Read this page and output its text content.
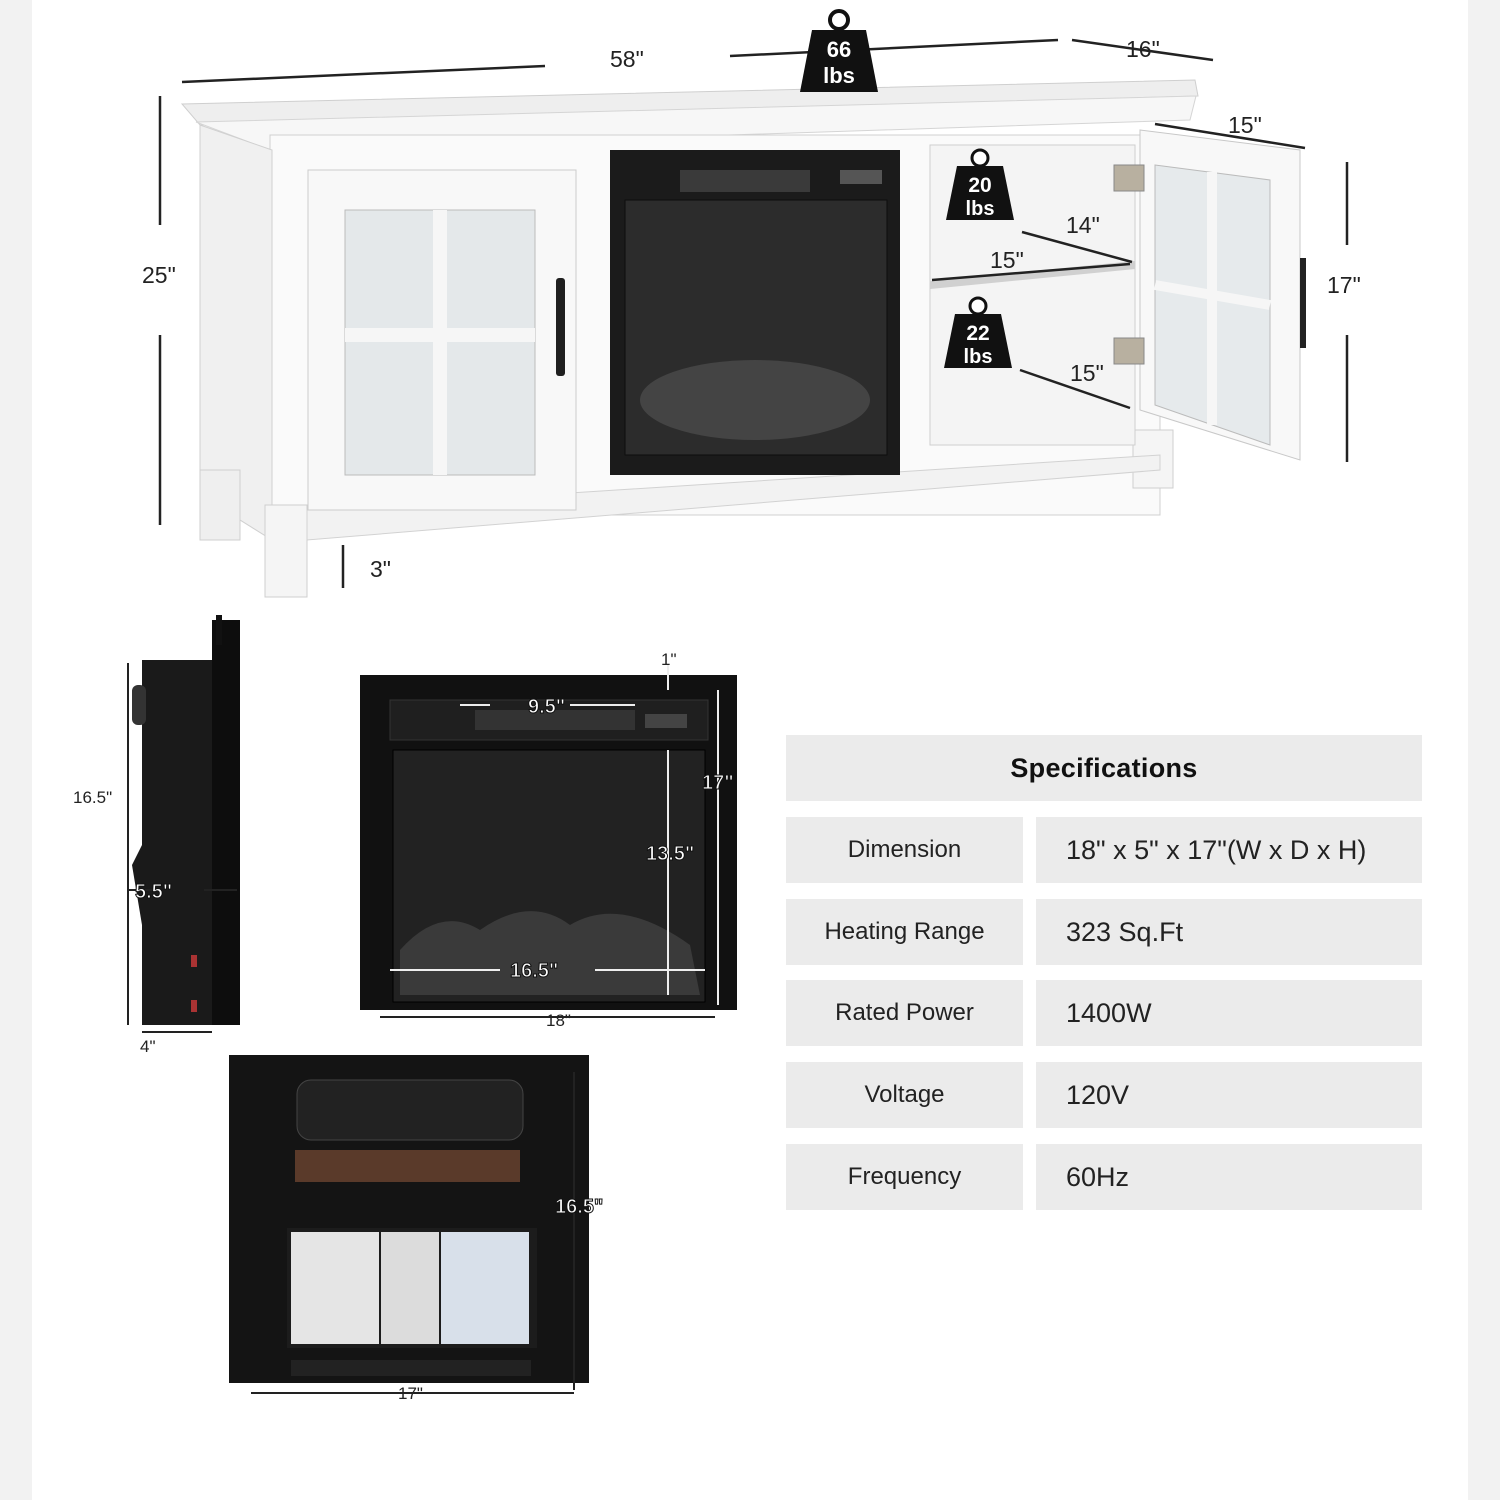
66
lbs
20
lbs
22
lbs
58"	16"
25"
15"
17"
14"
15"
15"
3"
16.5"
5.5"
4"
1"
9.5"
17"
13.5"
16.5"
18"
16.5"
17"
Specifications
Dimension	18" x 5" x 17"(W x D x H)
Heating Range	323 Sq.Ft
Rated Power	1400W
Voltage	120V
Frequency	60Hz
